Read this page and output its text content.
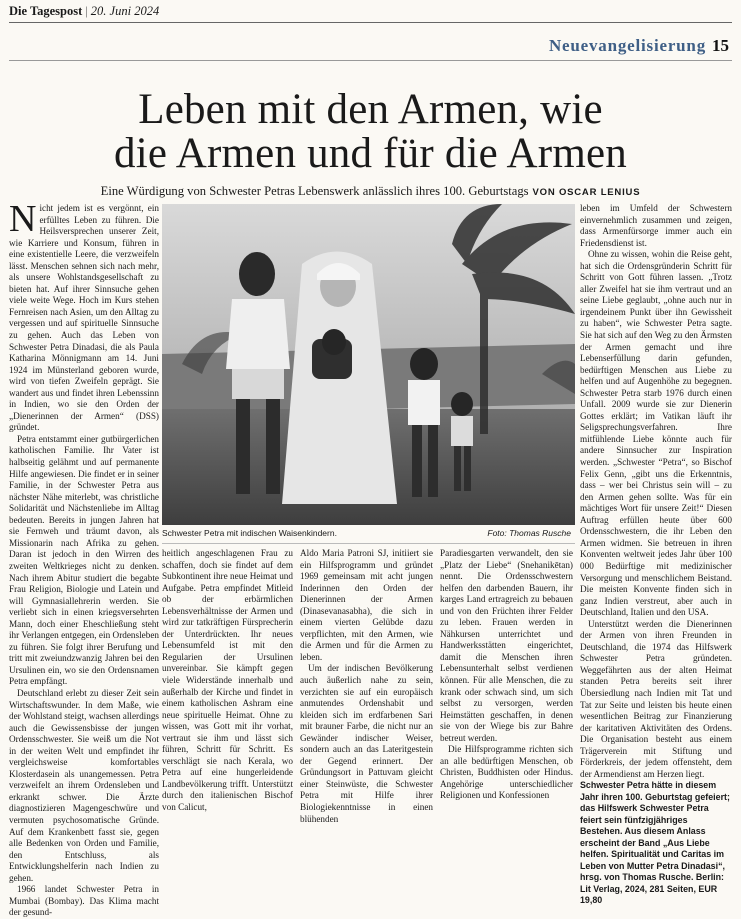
Die Tagespost | 20. Juni 2024
Neuevangelisierung 15
Leben mit den Armen, wie
die Armen und für die Armen
Eine Würdigung von Schwester Petras Lebenswerk anlässlich ihres 100. Geburtstags VON OSCAR LENIUS

Nicht jedem ist es vergönnt, ein erfülltes Leben zu führen. Die Heilsversprechen unserer Zeit, wie Karriere und Konsum, führen in eine existentielle Leere, die verzweifeln lässt. Menschen sehnen sich nach mehr, als unsere Wohlstandsgesellschaft zu bieten hat. Auf ihrer Sinnsuche gehen viele weite Wege. Hoch im Kurs stehen Fernreisen nach Asien, um den Alltag zu vergessen und auf spirituelle Sinnsuche zu gehen. Auch das Leben von Schwester Petra Dinadasi, die als Paula Katharina Mönnigmann am 14. Juni 1924 im Münsterland geboren wurde, wird von tiefen Zweifeln geprägt. Sie wandert aus und findet ihren Lebenssinn in Indien, wo sie den Orden der „Dienerinnen der Armen“ (DSS) gründet.

Petra entstammt einer gutbürgerlichen katholischen Familie. Ihr Vater ist halbseitig gelähmt und auf permanente Hilfe angewiesen. Die findet er in seiner Familie, in der Schwester Petra aus nächster Nähe miterlebt, was christliche Solidarität und Nächstenliebe im Alltag bedeuten. Bereits in jungen Jahren hat sie Fernweh und träumt davon, als Missionarin nach Afrika zu gehen. Daran ist jedoch in den Wirren des zweiten Weltkrieges nicht zu denken. Nach ihrem Abitur studiert die begabte Frau Religion, Biologie und Latein und will Gymnasiallehrerin werden. Sie verliebt sich in einen kriegsversehrten Mann, doch einer Eheschließung steht ihr Verlangen entgegen, ein Ordensleben zu führen. Sie folgt ihrer Berufung und tritt mit zweiundzwanzig Jahren bei den Ursulinen ein, wo sie den Ordensnamen Petra empfängt.

Deutschland erlebt zu dieser Zeit sein Wirtschaftswunder. In dem Maße, wie der Wohlstand steigt, wachsen allerdings auch die Gewissensbisse der jungen Ordensschwester. Sie weiß um die Not in der weiten Welt und empfindet ihr vergleichsweise komfortables Klosterdasein als unangemessen. Petra verzweifelt an ihrem Ordensleben und erkrankt schwer. Die Ärzte diagnostizieren Magengeschwüre und vermuten psychosomatische Gründe. Auf dem Krankenbett fasst sie, gegen alle Bedenken von Orden und Familie, den Entschluss, als Entwicklungshelferin nach Indien zu gehen.

1966 landet Schwester Petra in Mumbai (Bombay). Das Klima macht der gesund-

Schwester Petra mit indischen Waisenkindern.	Foto: Thomas Rusche

heitlich angeschlagenen Frau zu schaffen, doch sie findet auf dem Subkontinent ihre neue Heimat und Aufgabe. Petra empfindet Mitleid ob der erbärmlichen Lebensverhältnisse der Armen und wird zur tatkräftigen Fürsprecherin der Unterdrückten. Ihr neues Lebensumfeld ist mit den Regularien der Ursulinen unvereinbar. Sie kämpft gegen viele Widerstände innerhalb und außerhalb der Kirche und findet in einem katholischen Ashram eine neue spirituelle Heimat. Ohne zu wissen, was Gott mit ihr vorhat, vertraut sie ihm und lässt sich führen, Schritt für Schritt. Es verschlägt sie nach Kerala, wo Petra auf eine hungerleidende Landbevölkerung trifft. Unterstützt durch den italienischen Bischof von Calicut,

Aldo Maria Patroni SJ, initiiert sie ein Hilfsprogramm und gründet 1969 gemeinsam mit acht jungen Inderinnen den Orden der Dienerinnen der Armen (Dinasevanasabha), die sich in einem vierten Gelübde dazu verpflichten, mit den Armen, wie die Armen und für die Armen zu leben.

Um der indischen Bevölkerung auch äußerlich nahe zu sein, verzichten sie auf ein europäisch anmutendes Ordenshabit und kleiden sich im erdfarbenen Sari mit brauner Farbe, die nicht nur an Gewänder indischer Weiser, sondern auch an das Lateritgestein der Gegend erinnert. Der Gründungsort in Pattuvam gleicht einer Steinwüste, die Schwester Petra mit Hilfe ihrer Biologiekenntnisse in einen blühenden

Paradiesgarten verwandelt, den sie „Platz der Liebe“ (Snehanikētan) nennt. Die Ordensschwestern helfen den darbenden Bauern, ihr karges Land ertragreich zu bebauen und von den Früchten ihrer Felder zu leben. Frauen werden in Nähkursen unterrichtet und Handwerksstätten eingerichtet, damit die Menschen ihren Lebensunterhalt selbst verdienen können. Für alle Menschen, die zu krank oder schwach sind, um sich selbst zu versorgen, werden Heimstätten geschaffen, in denen sie von der Wiege bis zur Bahre betreut werden.

Die Hilfsprogramme richten sich an alle bedürftigen Menschen, ob Christen, Buddhisten oder Hindus. Angehörige unterschiedlicher Religionen und Konfessionen

leben im Umfeld der Schwestern einvernehmlich zusammen und zeigen, dass Armenfürsorge immer auch ein Friedensdienst ist.

Ohne zu wissen, wohin die Reise geht, hat sich die Ordensgründerin Schritt für Schritt von Gott führen lassen. „Trotz aller Zweifel hat sie ihm vertraut und an seine Liebe geglaubt, „ohne auch nur in irgendeinem Punkt über ihn Gewissheit zu haben“, wie Schwester Petra sagte. Sie hat sich auf den Weg zu den Ärmsten der Armen gemacht und ihre Lebenserfüllung darin gefunden, bedürftigen Menschen aus Liebe zu helfen und auf Augenhöhe zu begegnen. Schwester Petra starb 1976 durch einen Unfall. 2009 wurde sie zur Dienerin Gottes erklärt; im Vatikan läuft ihr Seligsprechungsverfahren. Ihre mitfühlende Liebe könnte auch für andere Sinnsucher zur Inspiration werden. „Schwester “Petra“, so Bischof Felix Genn, „gibt uns die Erkenntnis, dass – wer bei Christus sein will – zu den Armen gehen sollte. Was für ein mächtiges Wort für unsere Zeit!“ Diesen Auftrag erfüllen heute über 600 Ordensschwestern, die ihr Leben den Armen widmen. Sie betreuen in ihren Konventen weltweit jedes Jahr über 100 000 Bedürftige mit medizinischer Versorgung und menschlichem Beistand. Die meisten Konvente finden sich in ganz Indien verstreut, aber auch in Deutschland, Italien und den USA.

Unterstützt werden die Dienerinnen der Armen von ihren Freunden in Deutschland, die 1974 das Hilfswerk Schwester Petra gründeten. Weggefährten aus der alten Heimat standen Petra bereits seit ihrer Übersiedlung nach Indien mit Tat und Tat zur Seite und leisten bis heute einen wesentlichen Beitrag zur Finanzierung der karitativen Aktivitäten des Ordens. Die Organisation besteht aus einem Trägerverein mit Stiftung und Förderkreis, der jedem offensteht, dem der Armendienst am Herzen liegt.

Schwester Petra hätte in diesem Jahr ihren 100. Geburtstag gefeiert; das Hilfswerk Schwester Petra feiert sein fünfzigjähriges Bestehen. Aus diesem Anlass erscheint der Band „Aus Liebe helfen. Spiritualität und Caritas im Leben von Mutter Petra Dinadasi“, hrsg. von Thomas Rusche. Berlin: Lit Verlag, 2024, 281 Seiten, EUR 19,80
